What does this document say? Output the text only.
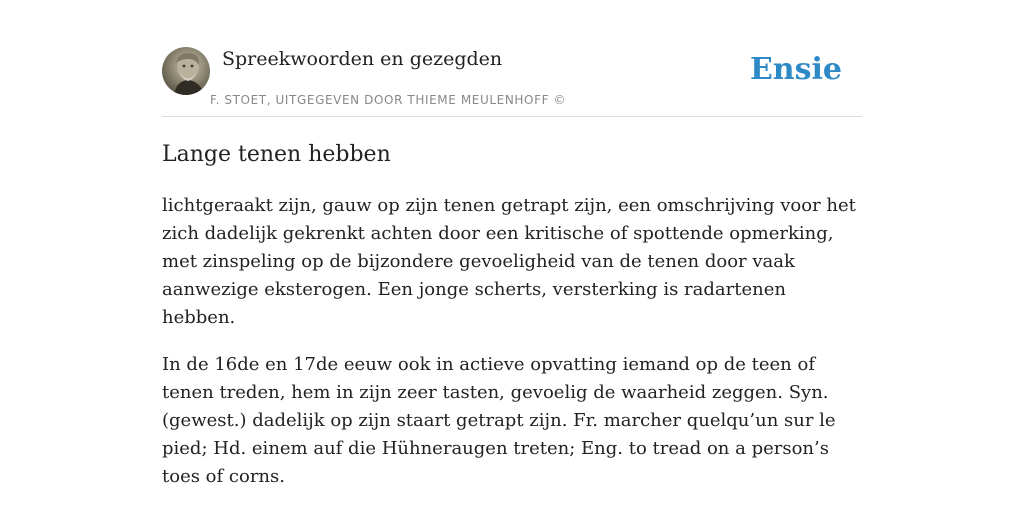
Spreekwoorden en gezegden
F. STOET, UITGEGEVEN DOOR THIEME MEULENHOFF ©
Ensie
Lange tenen hebben

lichtgeraakt zijn, gauw op zijn tenen getrapt zijn, een omschrijving voor het zich dadelijk gekrenkt achten door een kritische of spottende opmerking, met zinspeling op de bijzondere gevoeligheid van de tenen door vaak aanwezige eksterogen. Een jonge scherts, versterking is radartenen hebben.

In de 16de en 17de eeuw ook in actieve opvatting iemand op de teen of tenen treden, hem in zijn zeer tasten, gevoelig de waarheid zeggen. Syn. (gewest.) dadelijk op zijn staart getrapt zijn. Fr. marcher quelqu’un sur le pied; Hd. einem auf die Hühneraugen treten; Eng. to tread on a person’s toes of corns.
